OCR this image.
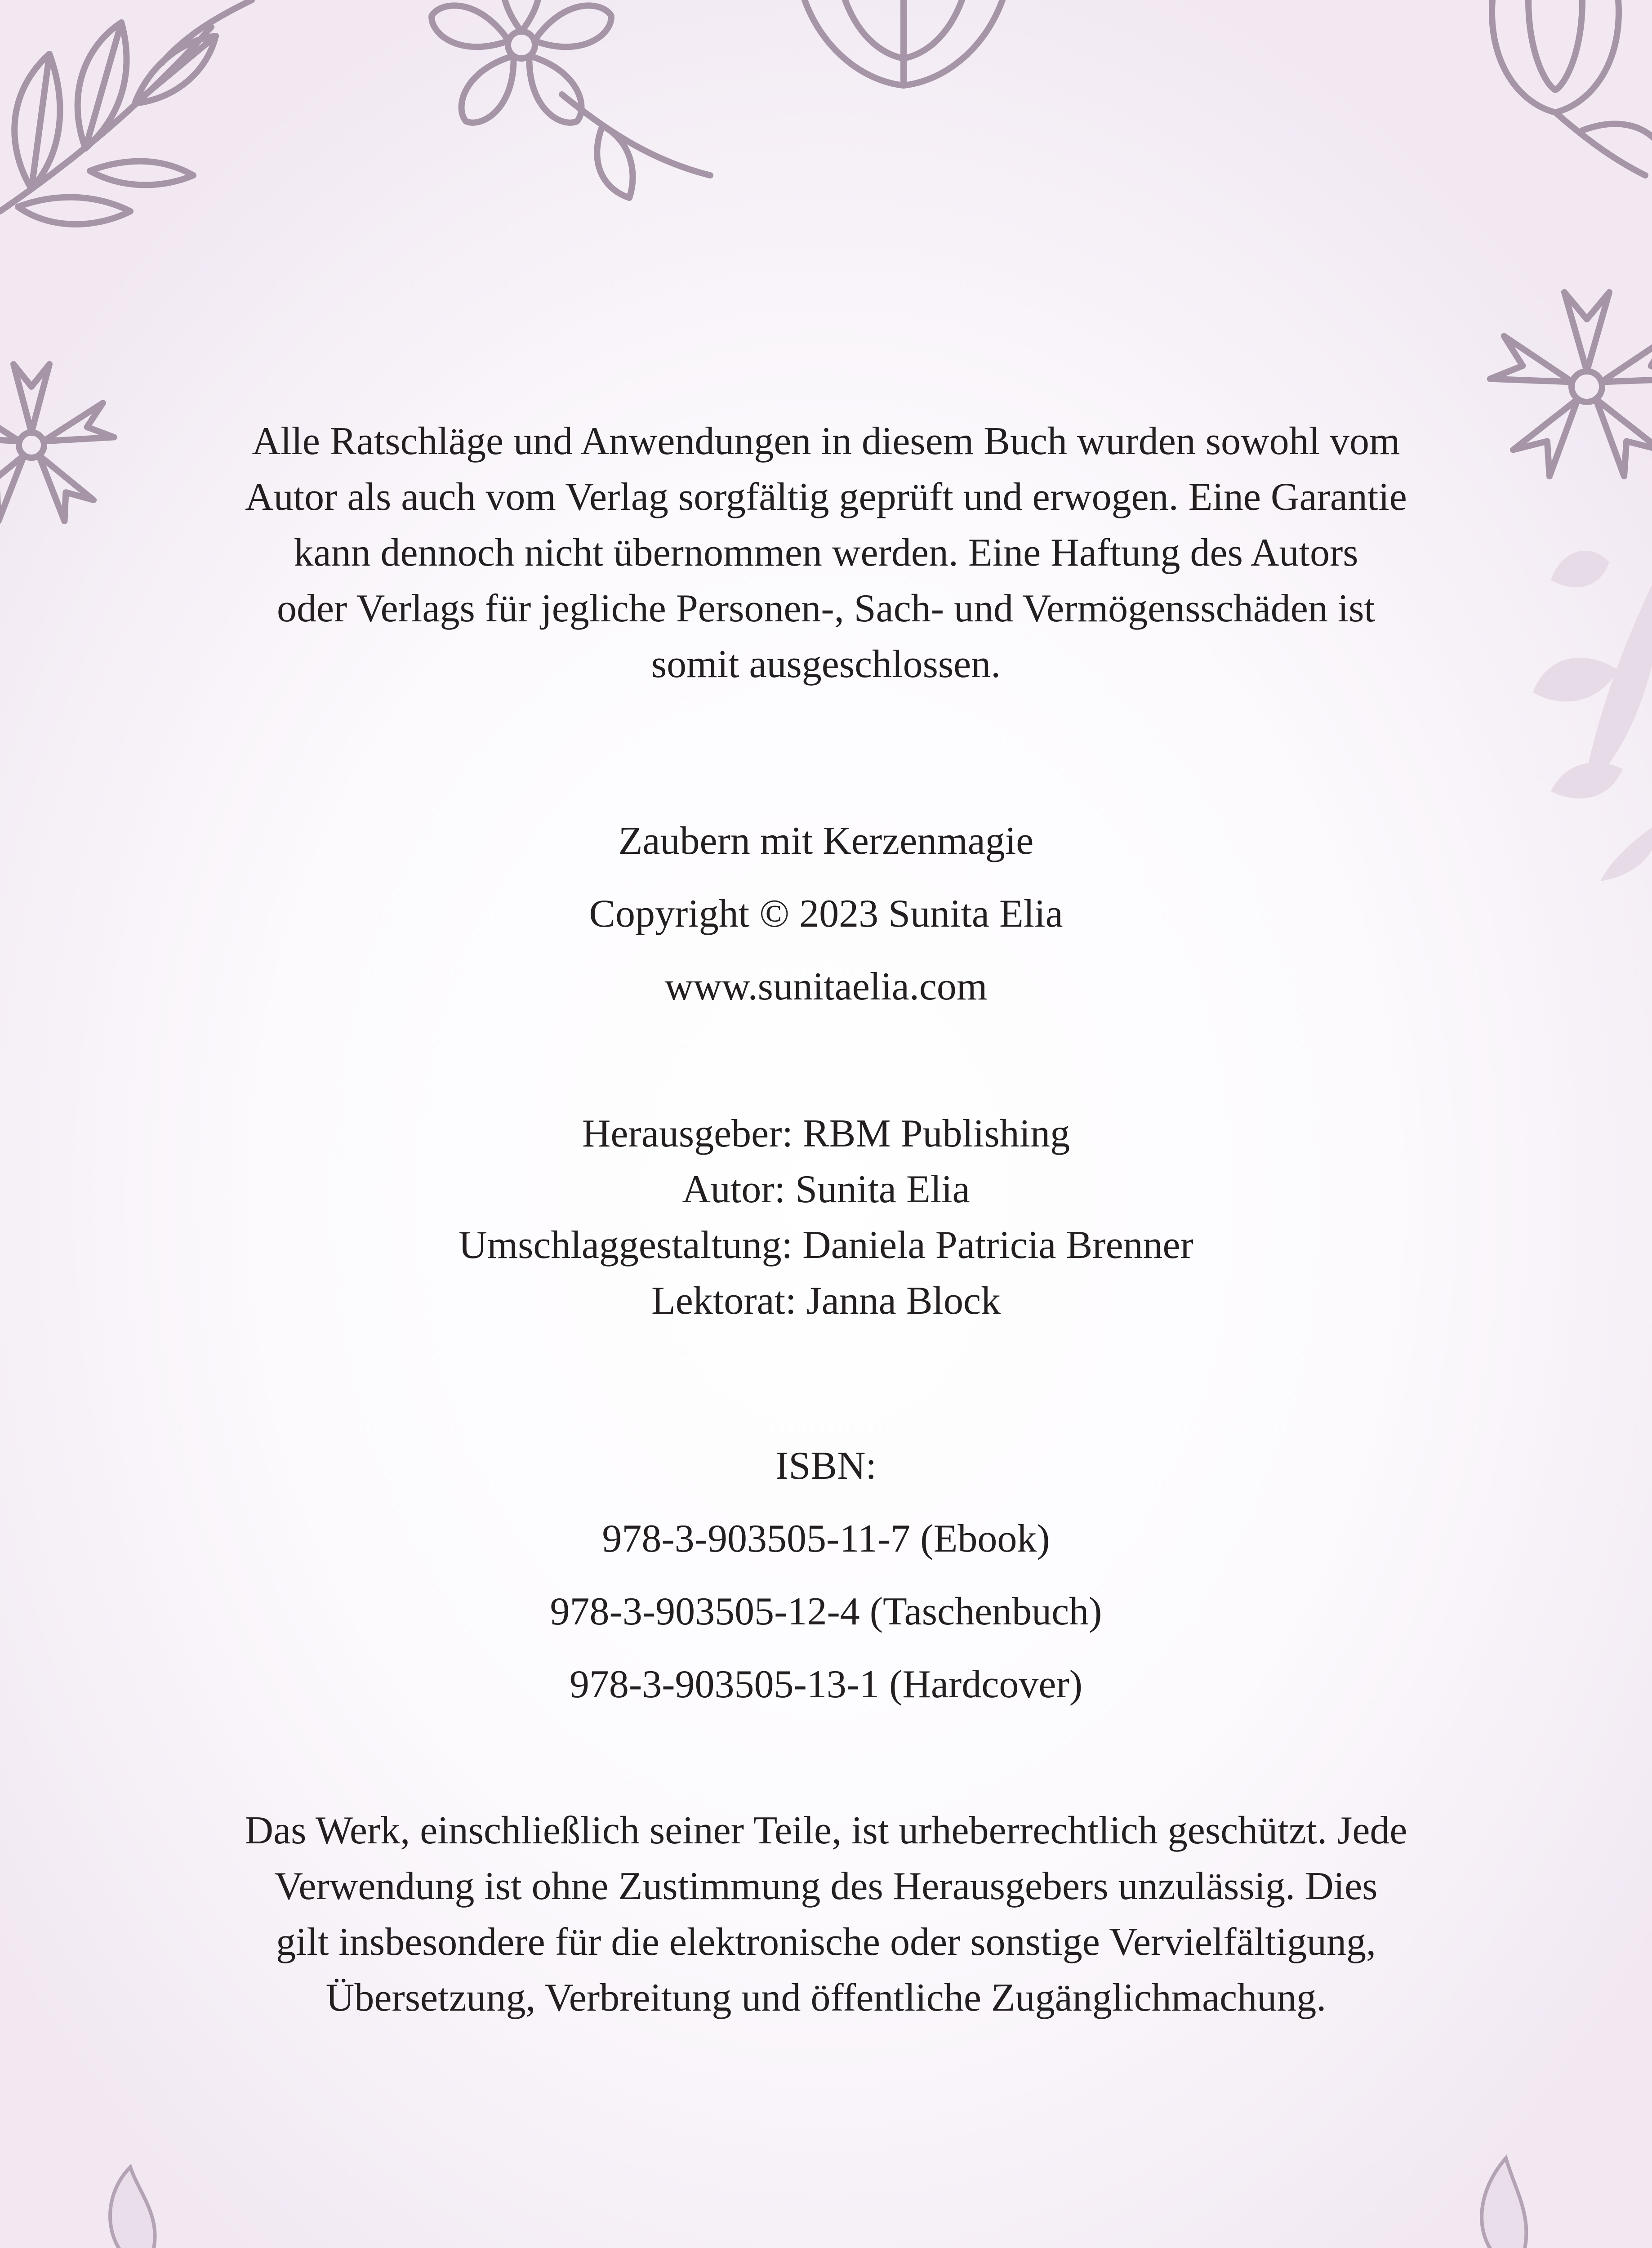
Alle Ratschläge und Anwendungen in diesem Buch wurden sowohl vom
Autor als auch vom Verlag sorgfältig geprüft und erwogen. Eine Garantie
kann dennoch nicht übernommen werden. Eine Haftung des Autors
oder Verlags für jegliche Personen-, Sach- und Vermögensschäden ist
somit ausgeschlossen.
Zaubern mit Kerzenmagie
Copyright © 2023 Sunita Elia
www.sunitaelia.com
Herausgeber: RBM Publishing
Autor: Sunita Elia
Umschlaggestaltung: Daniela Patricia Brenner
Lektorat: Janna Block
ISBN:
978-3-903505-11-7 (Ebook)
978-3-903505-12-4 (Taschenbuch)
978-3-903505-13-1 (Hardcover)
Das Werk, einschließlich seiner Teile, ist urheberrechtlich geschützt. Jede
Verwendung ist ohne Zustimmung des Herausgebers unzulässig. Dies
gilt insbesondere für die elektronische oder sonstige Vervielfältigung,
Übersetzung, Verbreitung und öffentliche Zugänglichmachung.
